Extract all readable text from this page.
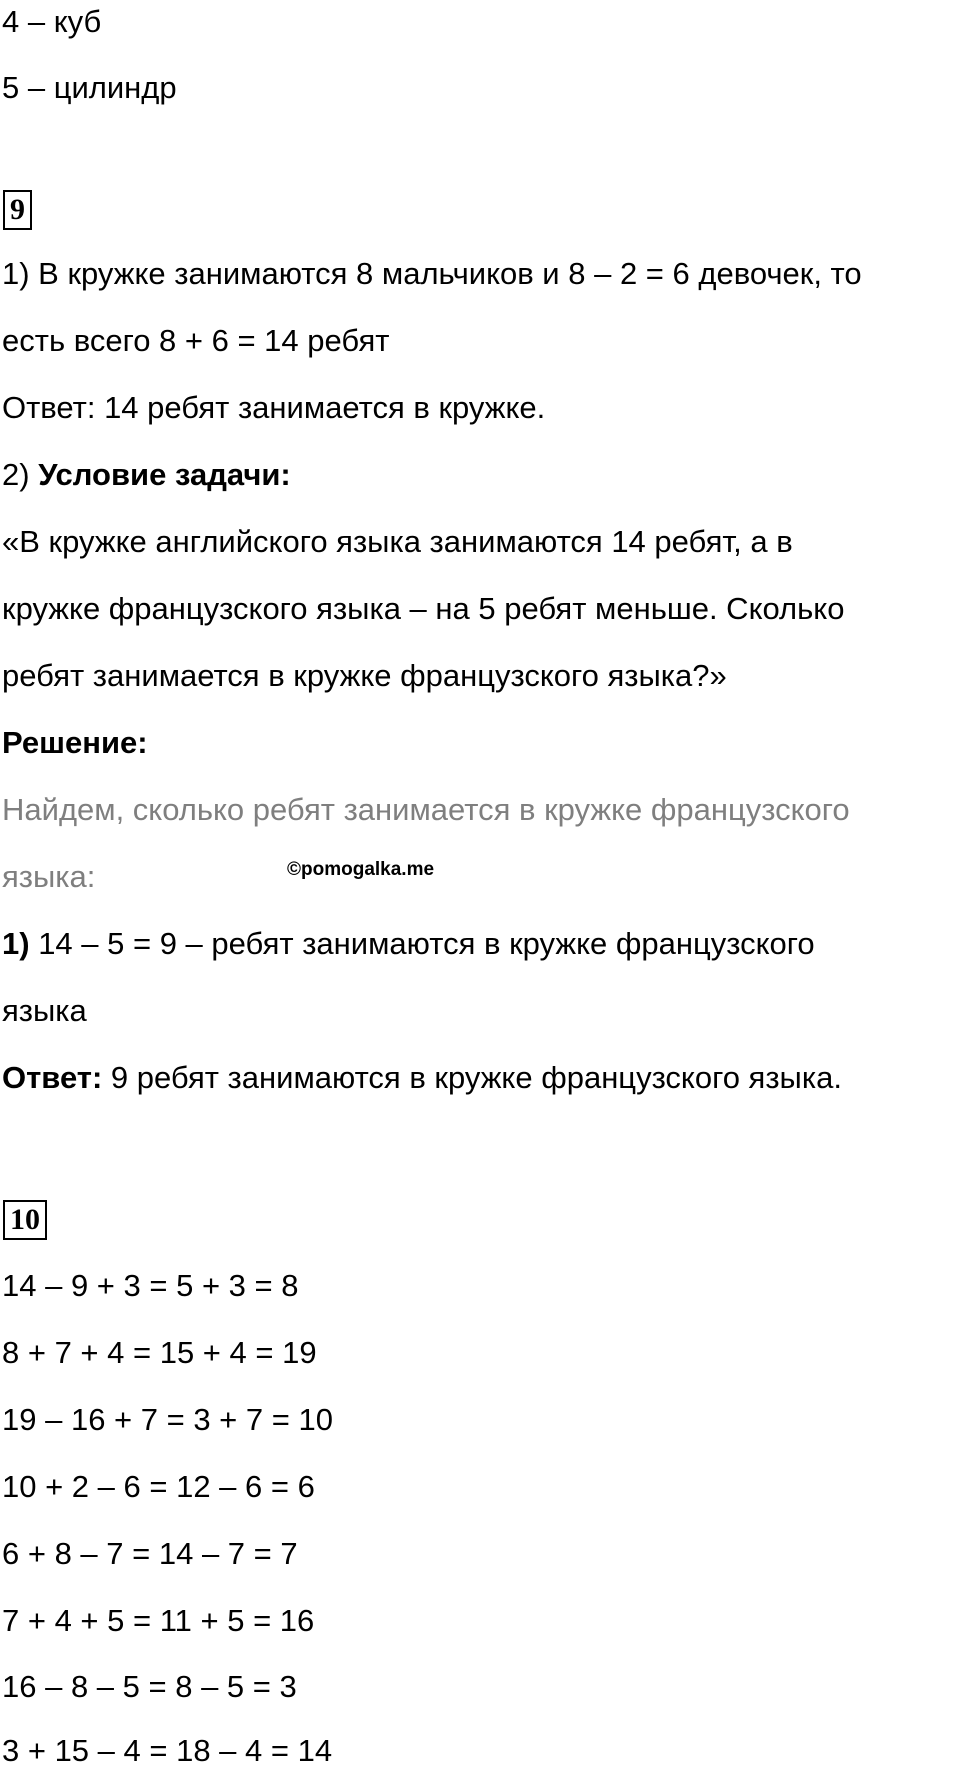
4 – куб
5 – цилиндр
9
1) В кружке занимаются 8 мальчиков и 8 – 2 = 6 девочек, то
есть всего 8 + 6 = 14 ребят
Ответ: 14 ребят занимается в кружке.
2) Условие задачи:
«В кружке английского языка занимаются 14 ребят, а в
кружке французского языка – на 5 ребят меньше. Сколько
ребят занимается в кружке французского языка?»
Решение:
Найдем, сколько ребят занимается в кружке французского
языка:	©pomogalka.me
1) 14 – 5 = 9 – ребят занимаются в кружке французского
языка
Ответ: 9 ребят занимаются в кружке французского языка.
10
14 – 9 + 3 = 5 + 3 = 8
8 + 7 + 4 = 15 + 4 = 19
19 – 16 + 7 = 3 + 7 = 10
10 + 2 – 6 = 12 – 6 = 6
6 + 8 – 7 = 14 – 7 = 7
7 + 4 + 5 = 11 + 5 = 16
16 – 8 – 5 = 8 – 5 = 3
3 + 15 – 4 = 18 – 4 = 14
